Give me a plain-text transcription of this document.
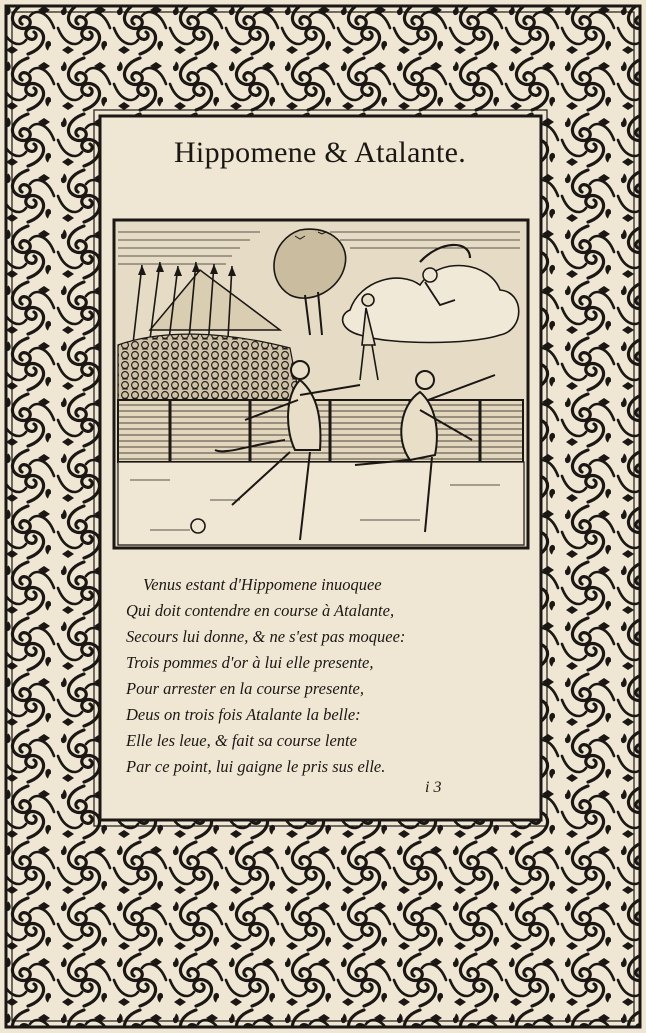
Hippomene & Atalante.
Venus estant d'Hippomene inuoquee
Qui doit contendre en course à Atalante,
Secours lui donne, & ne s'est pas moquee:
Trois pommes d'or à lui elle presente,
Pour arrester en la course presente,
Deus on trois fois Atalante la belle:
Elle les leue, & fait sa course lente
Par ce point, lui gaigne le pris sus elle.
i 3
